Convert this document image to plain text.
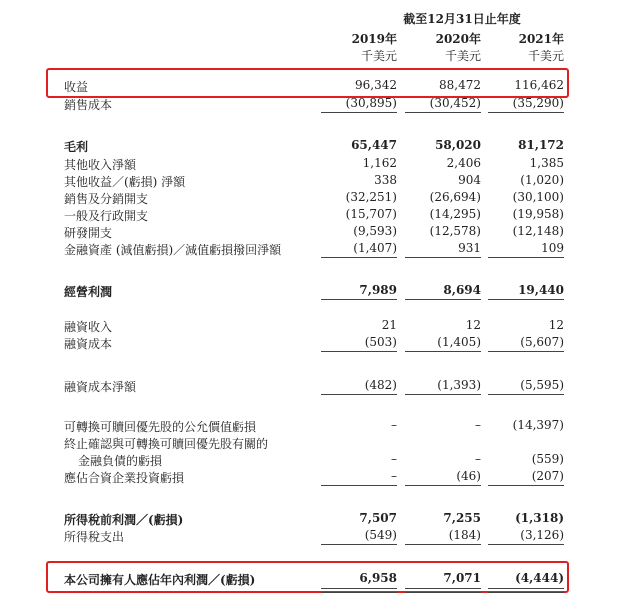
截至12月31日止年度
2019年	2020年	2021年
千美元	千美元	千美元
收益	96,342	88,472	116,462
銷售成本	(30,895)	(30,452)	(35,290)
毛利	65,447	58,020	81,172
其他收入淨額	1,162	2,406	1,385
其他收益／(虧損) 淨額	338	904	(1,020)
銷售及分銷開支	(32,251)	(26,694)	(30,100)
一般及行政開支	(15,707)	(14,295)	(19,958)
研發開支	(9,593)	(12,578)	(12,148)
金融資產 (減值虧損)／減值虧損撥回淨額	(1,407)	931	109
經營利潤	7,989	8,694	19,440
融資收入	21	12	12
融資成本	(503)	(1,405)	(5,607)
融資成本淨額	(482)	(1,393)	(5,595)
可轉換可贖回優先股的公允價值虧損	–	–	(14,397)
終止確認與可轉換可贖回優先股有關的
金融負債的虧損	–	–	(559)
應佔合資企業投資虧損	–	(46)	(207)
所得稅前利潤／(虧損)	7,507	7,255	(1,318)
所得稅支出	(549)	(184)	(3,126)
本公司擁有人應佔年內利潤／(虧損)	6,958	7,071	(4,444)
